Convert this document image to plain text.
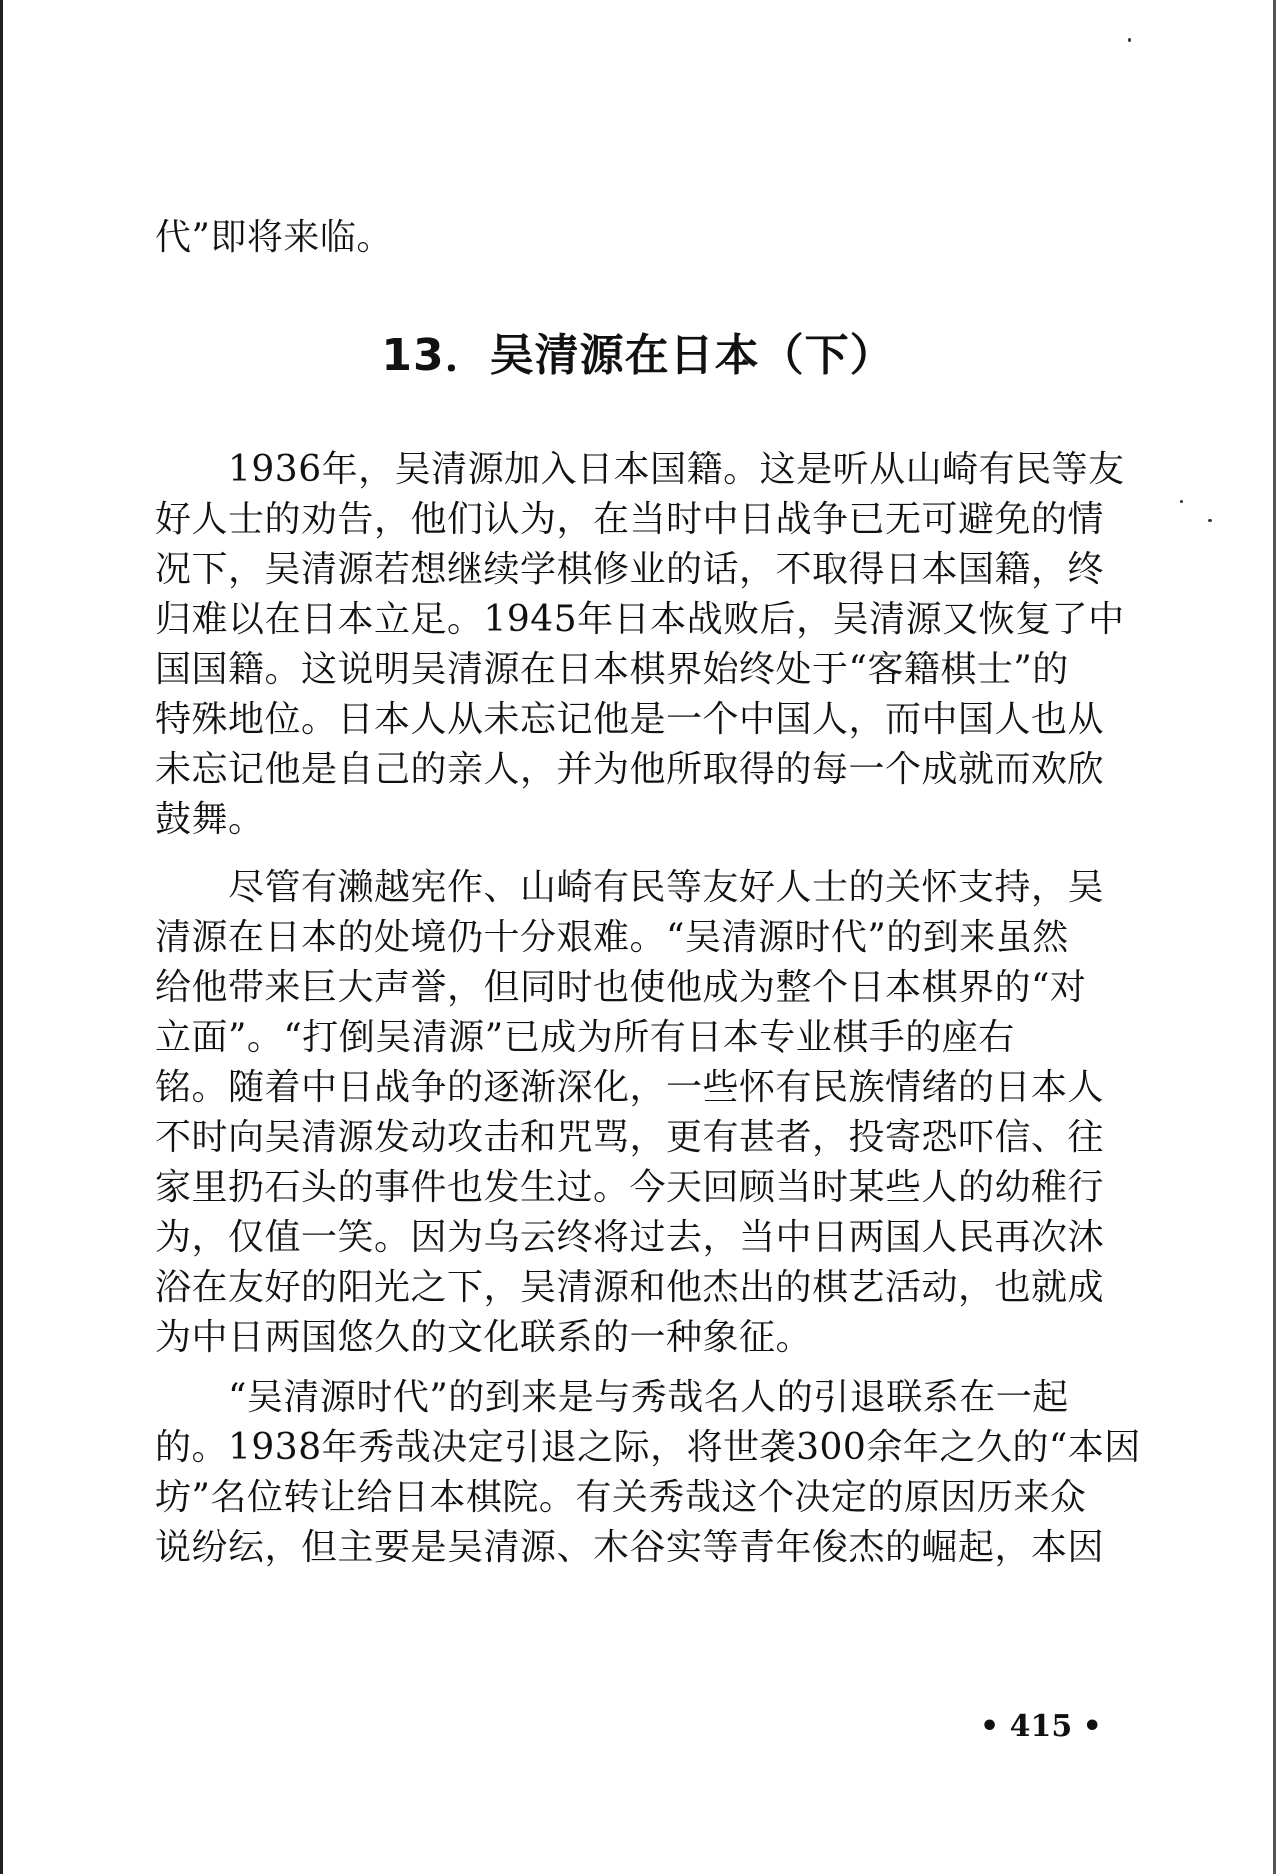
代”即将来临。
13．吴清源在日本（下）
　　1936年，吴清源加入日本国籍。这是听从山崎有民等友
好人士的劝告，他们认为，在当时中日战争已无可避免的情
况下，吴清源若想继续学棋修业的话，不取得日本国籍，终
归难以在日本立足。1945年日本战败后，吴清源又恢复了中
国国籍。这说明吴清源在日本棋界始终处于“客籍棋士”的
特殊地位。日本人从未忘记他是一个中国人，而中国人也从
未忘记他是自己的亲人，并为他所取得的每一个成就而欢欣
鼓舞。
　　尽管有濑越宪作、山崎有民等友好人士的关怀支持，吴
清源在日本的处境仍十分艰难。“吴清源时代”的到来虽然
给他带来巨大声誉，但同时也使他成为整个日本棋界的“对
立面”。“打倒吴清源”已成为所有日本专业棋手的座右
铭。随着中日战争的逐渐深化，一些怀有民族情绪的日本人
不时向吴清源发动攻击和咒骂，更有甚者，投寄恐吓信、往
家里扔石头的事件也发生过。今天回顾当时某些人的幼稚行
为，仅值一笑。因为乌云终将过去，当中日两国人民再次沐
浴在友好的阳光之下，吴清源和他杰出的棋艺活动，也就成
为中日两国悠久的文化联系的一种象征。
　　“吴清源时代”的到来是与秀哉名人的引退联系在一起
的。1938年秀哉决定引退之际，将世袭300余年之久的“本因
坊”名位转让给日本棋院。有关秀哉这个决定的原因历来众
说纷纭，但主要是吴清源、木谷实等青年俊杰的崛起，本因
• 415 •
